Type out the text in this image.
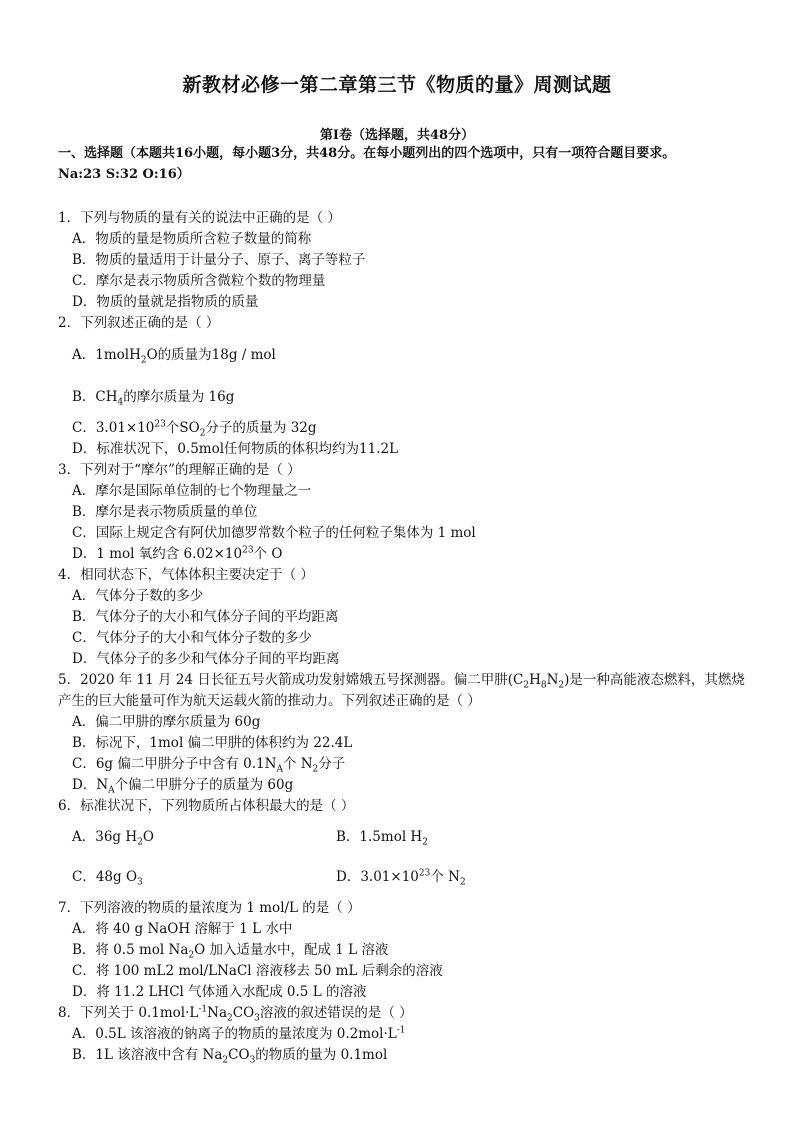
新教材必修一第二章第三节《物质的量》周测试题
第Ⅰ卷（选择题，共48分）
一、选择题（本题共16小题，每小题3分，共48分。在每小题列出的四个选项中，只有一项符合题目要求。
Na:23 S:32 O:16）
1．下列与物质的量有关的说法中正确的是（ ）
A．物质的量是物质所含粒子数量的简称
B．物质的量适用于计量分子、原子、离子等粒子
C．摩尔是表示物质所含微粒个数的物理量
D．物质的量就是指物质的质量
2．下列叙述正确的是（ ）
A．1molH$_2$O的质量为18g / mol
B．$CH_4$的摩尔质量为 16g
C．$3.01\times 10^{23}$个$SO_2$分子的质量为 32g
D．标准状况下，0.5mol任何物质的体积均约为11.2L
3．下列对于“摩尔”的理解正确的是（ ）
A．摩尔是国际单位制的七个物理量之一
B．摩尔是表示物质质量的单位
C．国际上规定含有阿伏加德罗常数个粒子的任何粒子集体为 1 mol
D．1 mol 氧约含 $6.02\times 10^{23}$个 O
4．相同状态下，气体体积主要决定于（ ）
A．气体分子数的多少
B．气体分子的大小和气体分子间的平均距离
C．气体分子的大小和气体分子数的多少
D．气体分子的多少和气体分子间的平均距离
5．2020 年 11 月 24 日长征五号火箭成功发射嫦娥五号探测器。偏二甲肼$(C_2H_8N_2)$是一种高能液态燃料，其燃烧
产生的巨大能量可作为航天运载火箭的推动力。下列叙述正确的是（ ）
A．偏二甲肼的摩尔质量为 60g
B．标况下，1mol 偏二甲肼的体积约为 22.4L
C．6g 偏二甲肼分子中含有 $0.1N_A$个 $N_2$分子
D．$N_A$个偏二甲肼分子的质量为 60g
6．标准状况下，下列物质所占体积最大的是（ ）
A．36g $H_2O$	B．1.5mol $H_2$
C．48g $O_3$	D．$3.01\times 10^{23}$个 $N_2$
7．下列溶液的物质的量浓度为 1 mol/L 的是（ ）
A．将 40 g NaOH 溶解于 1 L 水中
B．将 0.5 mol $Na_2O$ 加入适量水中，配成 1 L 溶液
C．将 100 mL2 mol/LNaCl 溶液移去 50 mL 后剩余的溶液
D．将 11.2 LHCl 气体通入水配成 0.5 L 的溶液
8．下列关于 $0.1mol\cdot L^{-1}Na_2CO_3$溶液的叙述错误的是（ ）
A．0.5L 该溶液的钠离子的物质的量浓度为 $0.2mol\cdot L^{-1}$
B．1L 该溶液中含有 $Na_2CO_3$的物质的量为 0.1mol
